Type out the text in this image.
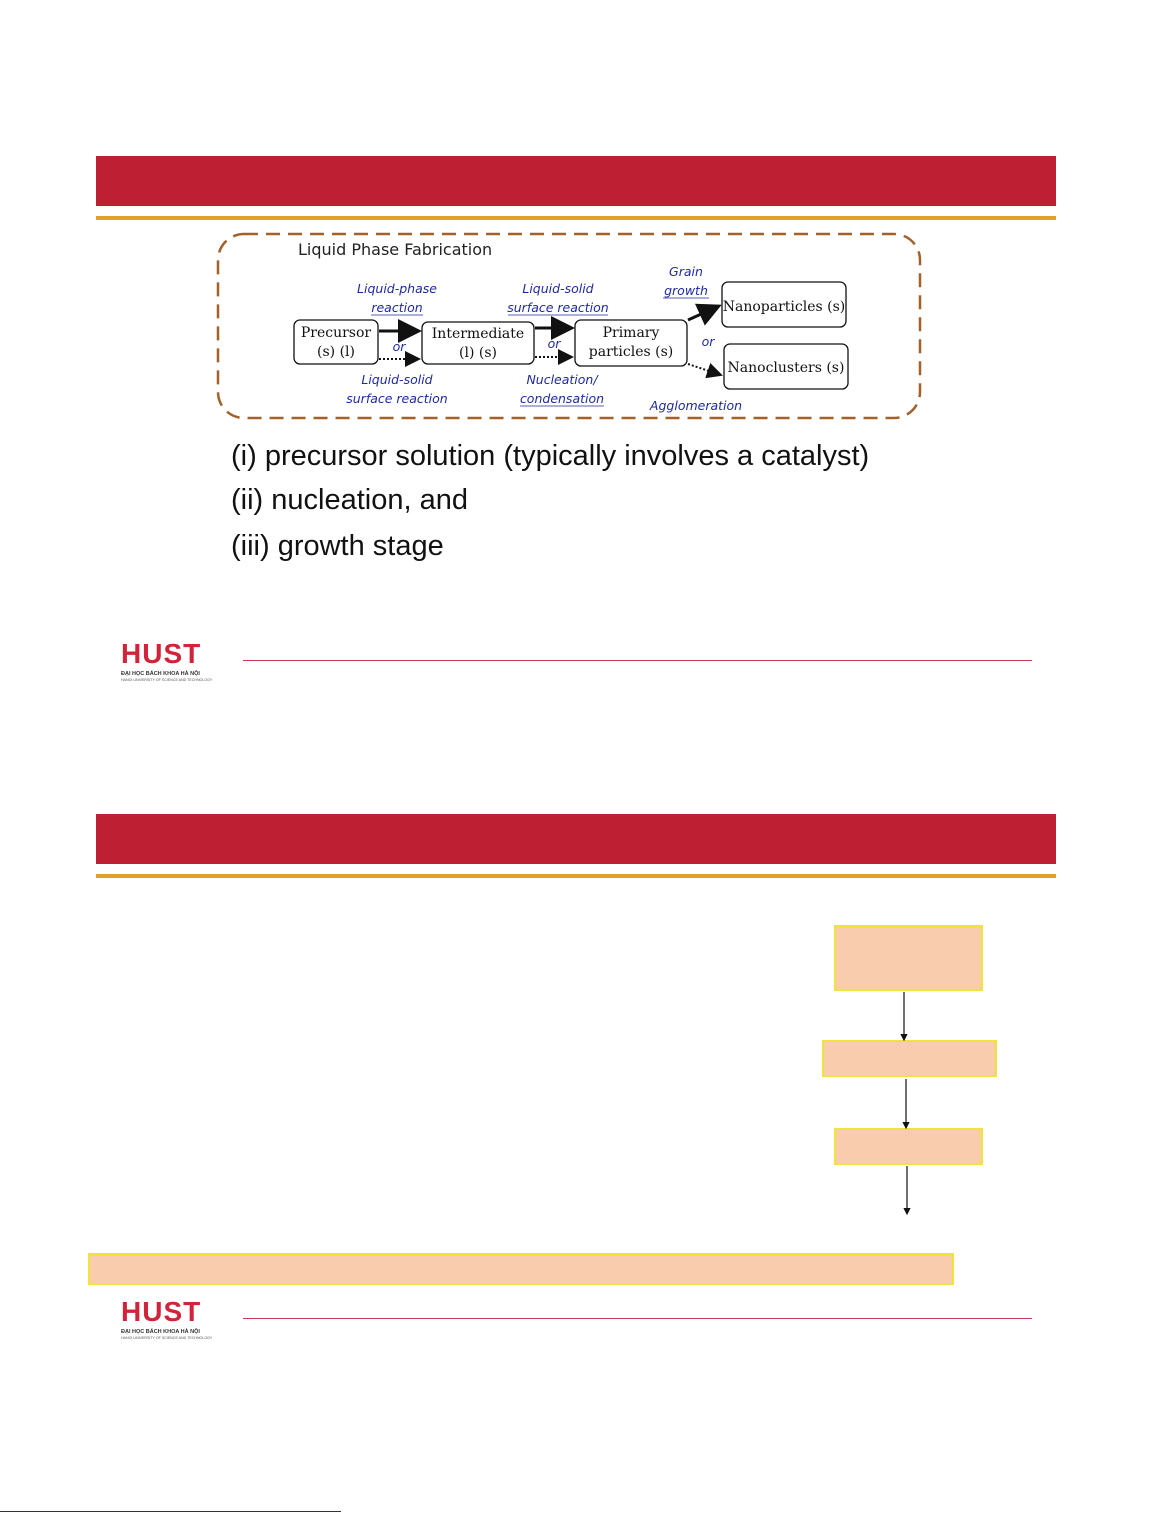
Liquid Phase Fabrication
Precursor
(s) (l)
Intermediate
(l) (s)
Primary
particles (s)
Nanoparticles (s)
Nanoclusters (s)
Liquid-phase
reaction
Liquid-solid
surface reaction
Grain
growth
or	or	or
Liquid-solid
surface reaction
Nucleation/
condensation	Agglomeration
(i) precursor solution (typically involves a catalyst)
(ii) nucleation, and
(iii) growth stage
HUST
ĐẠI HỌC BÁCH KHOA HÀ NỘI
HANOI UNIVERSITY OF SCIENCE AND TECHNOLOGY
HUST
ĐẠI HỌC BÁCH KHOA HÀ NỘI
HANOI UNIVERSITY OF SCIENCE AND TECHNOLOGY
